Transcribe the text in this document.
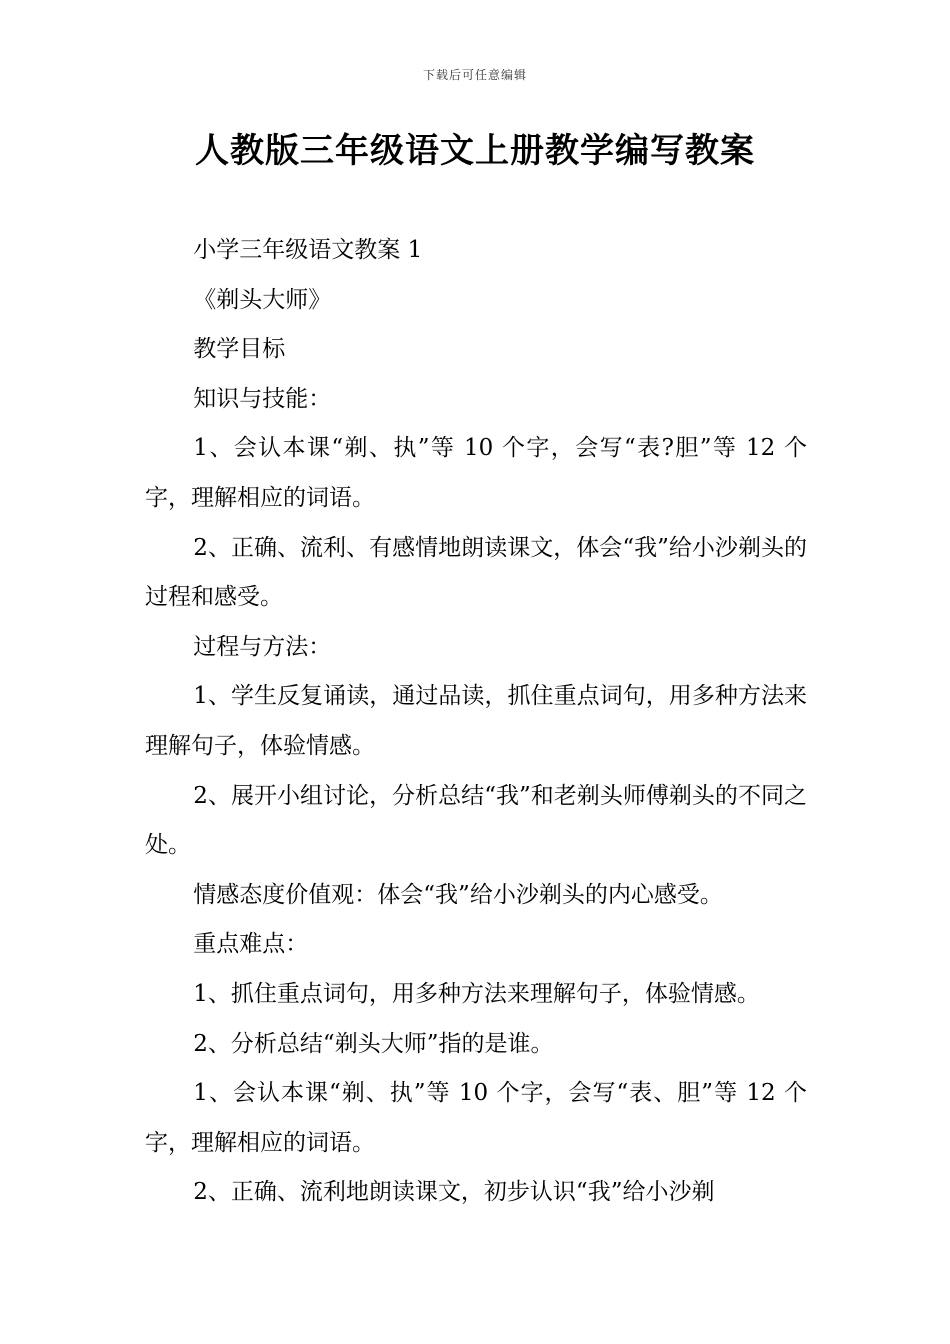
下载后可任意编辑
人教版三年级语文上册教学编写教案

小学三年级语文教案 1

《剃头大师》

教学目标

知识与技能：

1、会认本课“剃、执”等 10 个字，会写“表?胆”等 12 个字，理解相应的词语。

2、正确、流利、有感情地朗读课文，体会“我”给小沙剃头的过程和感受。

过程与方法：

1、学生反复诵读，通过品读，抓住重点词句，用多种方法来理解句子，体验情感。

2、展开小组讨论，分析总结“我”和老剃头师傅剃头的不同之处。

情感态度价值观：体会“我”给小沙剃头的内心感受。

重点难点：

1、抓住重点词句，用多种方法来理解句子，体验情感。

2、分析总结“剃头大师”指的是谁。

1、会认本课“剃、执”等 10 个字，会写“表、胆”等 12 个字，理解相应的词语。

2、正确、流利地朗读课文，初步认识“我”给小沙剃
